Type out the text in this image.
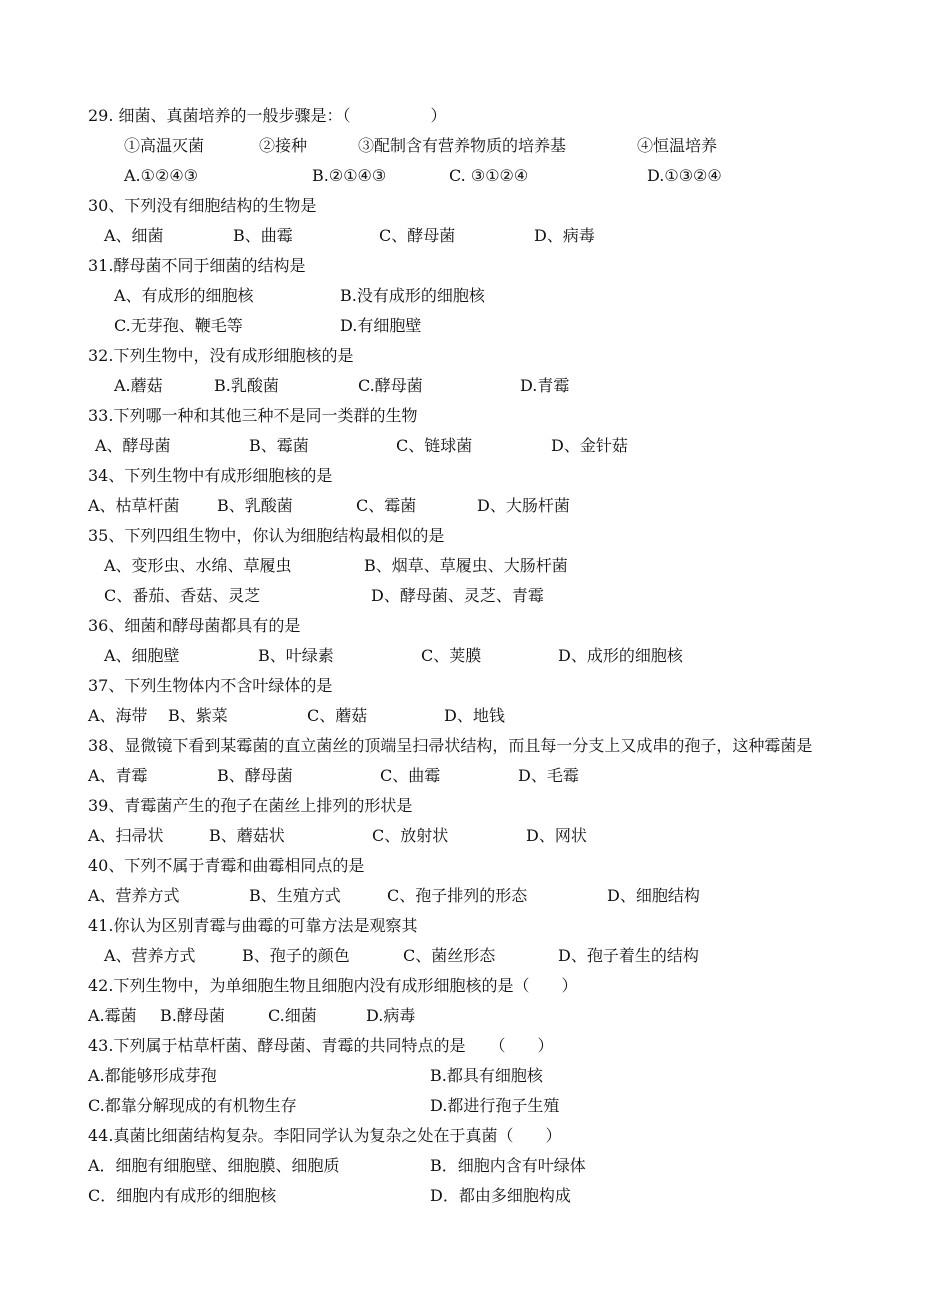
29. 细菌、真菌培养的一般步骤是：（　　　　　）
①高温灭菌	②接种	③配制含有营养物质的培养基	④恒温培养
A.①②④③	B.②①④③	C. ③①②④	D.①③②④
30、下列没有细胞结构的生物是
A、细菌	B、曲霉	C、酵母菌	D、病毒
31.酵母菌不同于细菌的结构是
A、有成形的细胞核	B.没有成形的细胞核
C.无芽孢、鞭毛等	D.有细胞壁
32.下列生物中，没有成形细胞核的是
A.蘑菇	B.乳酸菌	C.酵母菌	D.青霉
33.下列哪一种和其他三种不是同一类群的生物
A、酵母菌	B、霉菌	C、链球菌	D、金针菇
34、下列生物中有成形细胞核的是
A、枯草杆菌 B、乳酸菌	C、霉菌	D、大肠杆菌
35、下列四组生物中，你认为细胞结构最相似的是
A、变形虫、水绵、草履虫	B、烟草、草履虫、大肠杆菌
C、番茄、香菇、灵芝	D、酵母菌、灵芝、青霉
36、细菌和酵母菌都具有的是
A、细胞壁	B、叶绿素	C、荚膜	D、成形的细胞核
37、下列生物体内不含叶绿体的是
A、海带 B、紫菜	C、蘑菇	D、地钱
38、显微镜下看到某霉菌的直立菌丝的顶端呈扫帚状结构，而且每一分支上又成串的孢子，这种霉菌是
A、青霉	B、酵母菌	C、曲霉	D、毛霉
39、青霉菌产生的孢子在菌丝上排列的形状是
A、扫帚状	B、蘑菇状	C、放射状	D、网状
40、下列不属于青霉和曲霉相同点的是
A、营养方式	B、生殖方式	C、孢子排列的形态	D、细胞结构
41.你认为区别青霉与曲霉的可靠方法是观察其
A、营养方式	B、孢子的颜色	C、菌丝形态	D、孢子着生的结构
42.下列生物中，为单细胞生物且细胞内没有成形细胞核的是（　　）
A.霉菌 B.酵母菌	C.细菌	D.病毒
43.下列属于枯草杆菌、酵母菌、青霉的共同特点的是　　（　　）
A.都能够形成芽孢	B.都具有细胞核
C.都靠分解现成的有机物生存	D.都进行孢子生殖
44.真菌比细菌结构复杂。李阳同学认为复杂之处在于真菌（　　）
A．细胞有细胞壁、细胞膜、细胞质	B．细胞内含有叶绿体
C．细胞内有成形的细胞核	D．都由多细胞构成
